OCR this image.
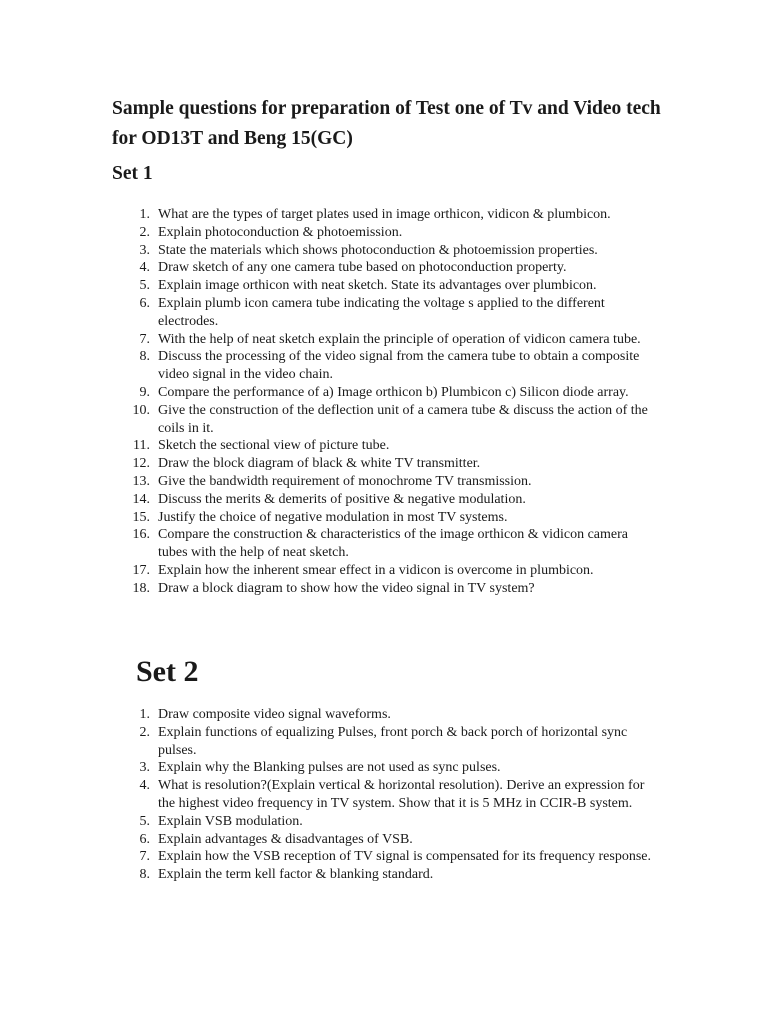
Sample questions for preparation of Test one of Tv and Video tech for OD13T and Beng 15(GC)
Set 1
1. What are the types of target plates used in image orthicon, vidicon & plumbicon.
2. Explain photoconduction & photoemission.
3. State the materials which shows photoconduction & photoemission properties.
4. Draw sketch of any one camera tube based on photoconduction property.
5. Explain image orthicon with neat sketch. State its advantages over plumbicon.
6. Explain plumb icon camera tube indicating the voltage s applied to the different electrodes.
7. With the help of neat sketch explain the principle of operation of vidicon camera tube.
8. Discuss the processing of the video signal from the camera tube to obtain a composite video signal in the video chain.
9. Compare the performance of a) Image orthicon b) Plumbicon c) Silicon diode array.
10. Give the construction of the deflection unit of a camera tube & discuss the action of the coils in it.
11. Sketch the sectional view of picture tube.
12. Draw the block diagram of black & white TV transmitter.
13. Give the bandwidth requirement of monochrome TV transmission.
14. Discuss the merits & demerits of positive & negative modulation.
15. Justify the choice of negative modulation in most TV systems.
16. Compare the construction & characteristics of the image orthicon & vidicon camera tubes with the help of neat sketch.
17. Explain how the inherent smear effect in a vidicon is overcome in plumbicon.
18. Draw a block diagram to show how the video signal in TV system?
Set 2
1. Draw composite video signal waveforms.
2. Explain functions of equalizing Pulses, front porch & back porch of horizontal sync pulses.
3. Explain why the Blanking pulses are not used as sync pulses.
4. What is resolution?(Explain vertical & horizontal resolution). Derive an expression for the highest video frequency in TV system. Show that it is 5 MHz in CCIR-B system.
5. Explain VSB modulation.
6. Explain advantages & disadvantages of VSB.
7. Explain how the VSB reception of TV signal is compensated for its frequency response.
8. Explain the term kell factor & blanking standard.
